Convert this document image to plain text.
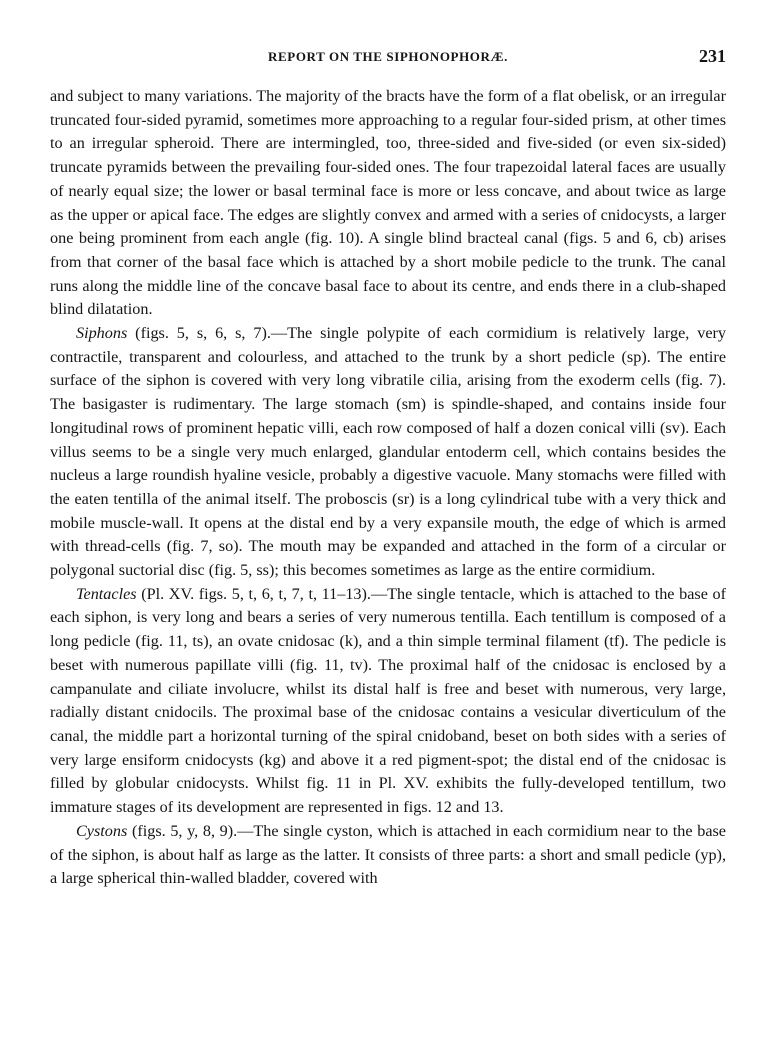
REPORT ON THE SIPHONOPHORÆ.	231

and subject to many variations. The majority of the bracts have the form of a flat obelisk, or an irregular truncated four-sided pyramid, sometimes more approaching to a regular four-sided prism, at other times to an irregular spheroid. There are intermingled, too, three-sided and five-sided (or even six-sided) truncate pyramids between the prevailing four-sided ones. The four trapezoidal lateral faces are usually of nearly equal size; the lower or basal terminal face is more or less concave, and about twice as large as the upper or apical face. The edges are slightly convex and armed with a series of cnidocysts, a larger one being prominent from each angle (fig. 10). A single blind bracteal canal (figs. 5 and 6, cb) arises from that corner of the basal face which is attached by a short mobile pedicle to the trunk. The canal runs along the middle line of the concave basal face to about its centre, and ends there in a club-shaped blind dilatation.

Siphons (figs. 5, s, 6, s, 7).—The single polypite of each cormidium is relatively large, very contractile, transparent and colourless, and attached to the trunk by a short pedicle (sp). The entire surface of the siphon is covered with very long vibratile cilia, arising from the exoderm cells (fig. 7). The basigaster is rudimentary. The large stomach (sm) is spindle-shaped, and contains inside four longitudinal rows of prominent hepatic villi, each row composed of half a dozen conical villi (sv). Each villus seems to be a single very much enlarged, glandular entoderm cell, which contains besides the nucleus a large roundish hyaline vesicle, probably a digestive vacuole. Many stomachs were filled with the eaten tentilla of the animal itself. The proboscis (sr) is a long cylindrical tube with a very thick and mobile muscle-wall. It opens at the distal end by a very expansile mouth, the edge of which is armed with thread-cells (fig. 7, so). The mouth may be expanded and attached in the form of a circular or polygonal suctorial disc (fig. 5, ss); this becomes sometimes as large as the entire cormidium.

Tentacles (Pl. XV. figs. 5, t, 6, t, 7, t, 11–13).—The single tentacle, which is attached to the base of each siphon, is very long and bears a series of very numerous tentilla. Each tentillum is composed of a long pedicle (fig. 11, ts), an ovate cnidosac (k), and a thin simple terminal filament (tf). The pedicle is beset with numerous papillate villi (fig. 11, tv). The proximal half of the cnidosac is enclosed by a campanulate and ciliate involucre, whilst its distal half is free and beset with numerous, very large, radially distant cnidocils. The proximal base of the cnidosac contains a vesicular diverticulum of the canal, the middle part a horizontal turning of the spiral cnidoband, beset on both sides with a series of very large ensiform cnidocysts (kg) and above it a red pigment-spot; the distal end of the cnidosac is filled by globular cnidocysts. Whilst fig. 11 in Pl. XV. exhibits the fully-developed tentillum, two immature stages of its development are represented in figs. 12 and 13.

Cystons (figs. 5, y, 8, 9).—The single cyston, which is attached in each cormidium near to the base of the siphon, is about half as large as the latter. It consists of three parts: a short and small pedicle (yp), a large spherical thin-walled bladder, covered with
